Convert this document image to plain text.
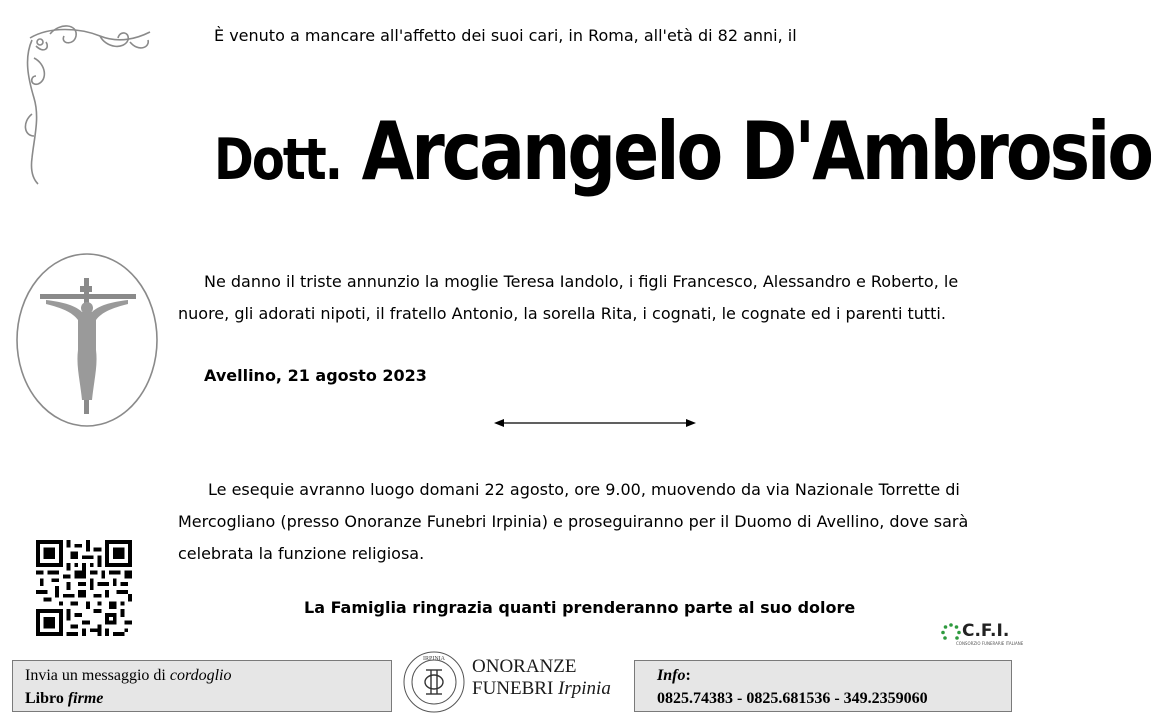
È venuto a mancare all'affetto dei suoi cari, in Roma, all'età di 82 anni, il
Dott. Arcangelo D'Ambrosio
Ne danno il triste annunzio la moglie Teresa Iandolo, i figli Francesco, Alessandro e Roberto, le nuore, gli adorati nipoti, il fratello Antonio, la sorella Rita, i cognati, le cognate ed i parenti tutti.
Avellino, 21 agosto 2023
Le esequie avranno luogo domani 22 agosto, ore 9.00, muovendo da via Nazionale Torrette di Mercogliano (presso Onoranze Funebri Irpinia) e proseguiranno per il Duomo di Avellino, dove sarà celebrata la funzione religiosa.
La Famiglia ringrazia quanti prenderanno parte al suo dolore
C.F.I.
CONSORZIO FUNERARIE ITALIANE
Invia un messaggio di cordoglio
Libro firme
IRPINIA ONORANZE
FUNEBRI Irpinia
Info:
0825.74383 - 0825.681536 - 349.2359060
